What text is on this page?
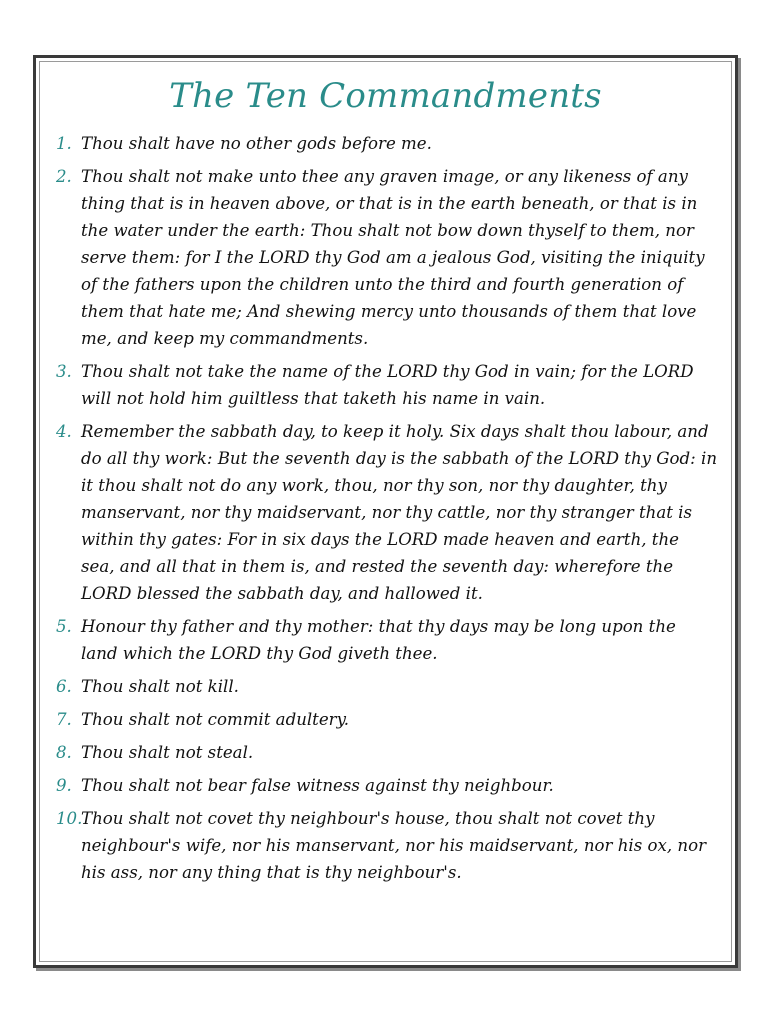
The Ten Commandments
1. Thou shalt have no other gods before me.
2. Thou shalt not make unto thee any graven image, or any likeness of any thing that is in heaven above, or that is in the earth beneath, or that is in the water under the earth: Thou shalt not bow down thyself to them, nor serve them: for I the LORD thy God am a jealous God, visiting the iniquity of the fathers upon the children unto the third and fourth generation of them that hate me; And shewing mercy unto thousands of them that love me, and keep my commandments.
3. Thou shalt not take the name of the LORD thy God in vain; for the LORD will not hold him guiltless that taketh his name in vain.
4. Remember the sabbath day, to keep it holy. Six days shalt thou labour, and do all thy work: But the seventh day is the sabbath of the LORD thy God: in it thou shalt not do any work, thou, nor thy son, nor thy daughter, thy manservant, nor thy maidservant, nor thy cattle, nor thy stranger that is within thy gates: For in six days the LORD made heaven and earth, the sea, and all that in them is, and rested the seventh day: wherefore the LORD blessed the sabbath day, and hallowed it.
5. Honour thy father and thy mother: that thy days may be long upon the land which the LORD thy God giveth thee.
6. Thou shalt not kill.
7. Thou shalt not commit adultery.
8. Thou shalt not steal.
9. Thou shalt not bear false witness against thy neighbour.
10.
Thou shalt not covet thy neighbour's house, thou shalt not covet thy neighbour's wife, nor his manservant, nor his maidservant, nor his ox, nor his ass, nor any thing that is thy neighbour's.
